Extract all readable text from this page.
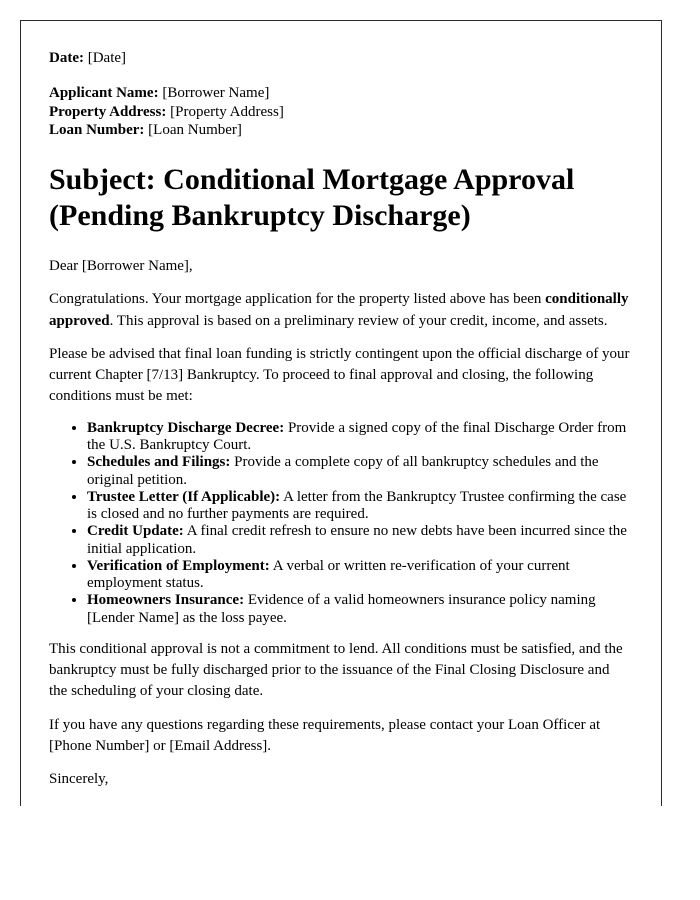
Date: [Date]

Applicant Name: [Borrower Name]
Property Address: [Property Address]
Loan Number: [Loan Number]

Subject: Conditional Mortgage Approval (Pending Bankruptcy Discharge)

Dear [Borrower Name],

Congratulations. Your mortgage application for the property listed above has been conditionally approved. This approval is based on a preliminary review of your credit, income, and assets.

Please be advised that final loan funding is strictly contingent upon the official discharge of your current Chapter [7/13] Bankruptcy. To proceed to final approval and closing, the following conditions must be met:

• Bankruptcy Discharge Decree: Provide a signed copy of the final Discharge Order from the U.S. Bankruptcy Court.
• Schedules and Filings: Provide a complete copy of all bankruptcy schedules and the original petition.
• Trustee Letter (If Applicable): A letter from the Bankruptcy Trustee confirming the case is closed and no further payments are required.
• Credit Update: A final credit refresh to ensure no new debts have been incurred since the initial application.
• Verification of Employment: A verbal or written re-verification of your current employment status.
• Homeowners Insurance: Evidence of a valid homeowners insurance policy naming [Lender Name] as the loss payee.

This conditional approval is not a commitment to lend. All conditions must be satisfied, and the bankruptcy must be fully discharged prior to the issuance of the Final Closing Disclosure and the scheduling of your closing date.

If you have any questions regarding these requirements, please contact your Loan Officer at [Phone Number] or [Email Address].

Sincerely,
